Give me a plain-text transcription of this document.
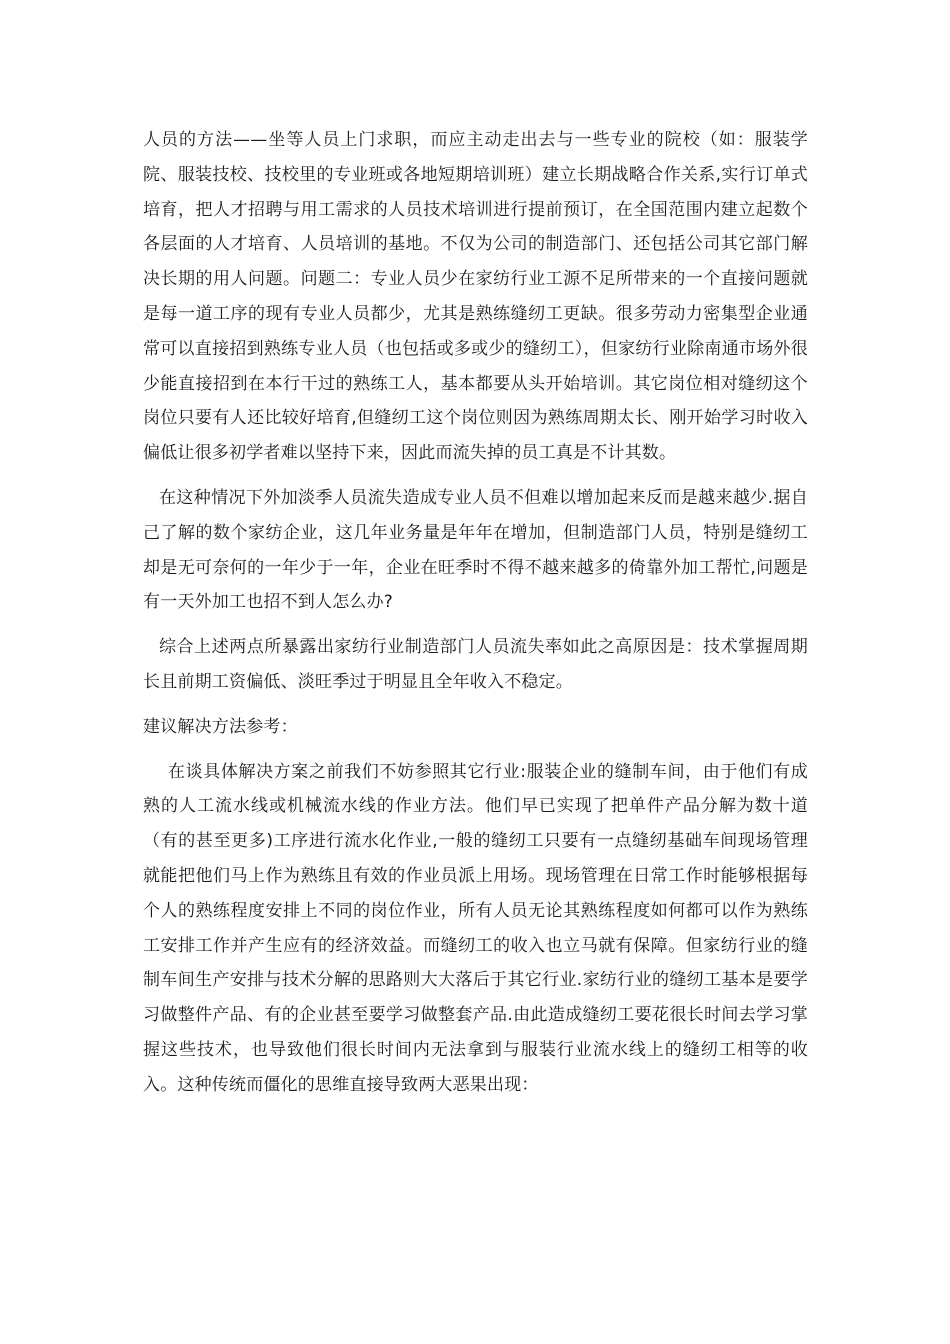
人员的方法——坐等人员上门求职，而应主动走出去与一些专业的院校（如：服装学院、服装技校、技校里的专业班或各地短期培训班）建立长期战略合作关系,实行订单式培育，把人才招聘与用工需求的人员技术培训进行提前预订，在全国范围内建立起数个各层面的人才培育、人员培训的基地。不仅为公司的制造部门、还包括公司其它部门解决长期的用人问题。问题二：专业人员少在家纺行业工源不足所带来的一个直接问题就是每一道工序的现有专业人员都少，尤其是熟练缝纫工更缺。很多劳动力密集型企业通常可以直接招到熟练专业人员（也包括或多或少的缝纫工），但家纺行业除南通市场外很少能直接招到在本行干过的熟练工人，基本都要从头开始培训。其它岗位相对缝纫这个岗位只要有人还比较好培育,但缝纫工这个岗位则因为熟练周期太长、刚开始学习时收入偏低让很多初学者难以坚持下来，因此而流失掉的员工真是不计其数。

在这种情况下外加淡季人员流失造成专业人员不但难以增加起来反而是越来越少.据自己了解的数个家纺企业，这几年业务量是年年在增加，但制造部门人员，特别是缝纫工却是无可奈何的一年少于一年，企业在旺季时不得不越来越多的倚靠外加工帮忙,问题是有一天外加工也招不到人怎么办?

综合上述两点所暴露出家纺行业制造部门人员流失率如此之高原因是：技术掌握周期长且前期工资偏低、淡旺季过于明显且全年收入不稳定。

建议解决方法参考：

在谈具体解决方案之前我们不妨参照其它行业:服装企业的缝制车间，由于他们有成熟的人工流水线或机械流水线的作业方法。他们早已实现了把单件产品分解为数十道（有的甚至更多)工序进行流水化作业,一般的缝纫工只要有一点缝纫基础车间现场管理就能把他们马上作为熟练且有效的作业员派上用场。现场管理在日常工作时能够根据每个人的熟练程度安排上不同的岗位作业，所有人员无论其熟练程度如何都可以作为熟练工安排工作并产生应有的经济效益。而缝纫工的收入也立马就有保障。但家纺行业的缝制车间生产安排与技术分解的思路则大大落后于其它行业.家纺行业的缝纫工基本是要学习做整件产品、有的企业甚至要学习做整套产品.由此造成缝纫工要花很长时间去学习掌握这些技术，也导致他们很长时间内无法拿到与服装行业流水线上的缝纫工相等的收入。这种传统而僵化的思维直接导致两大恶果出现：
